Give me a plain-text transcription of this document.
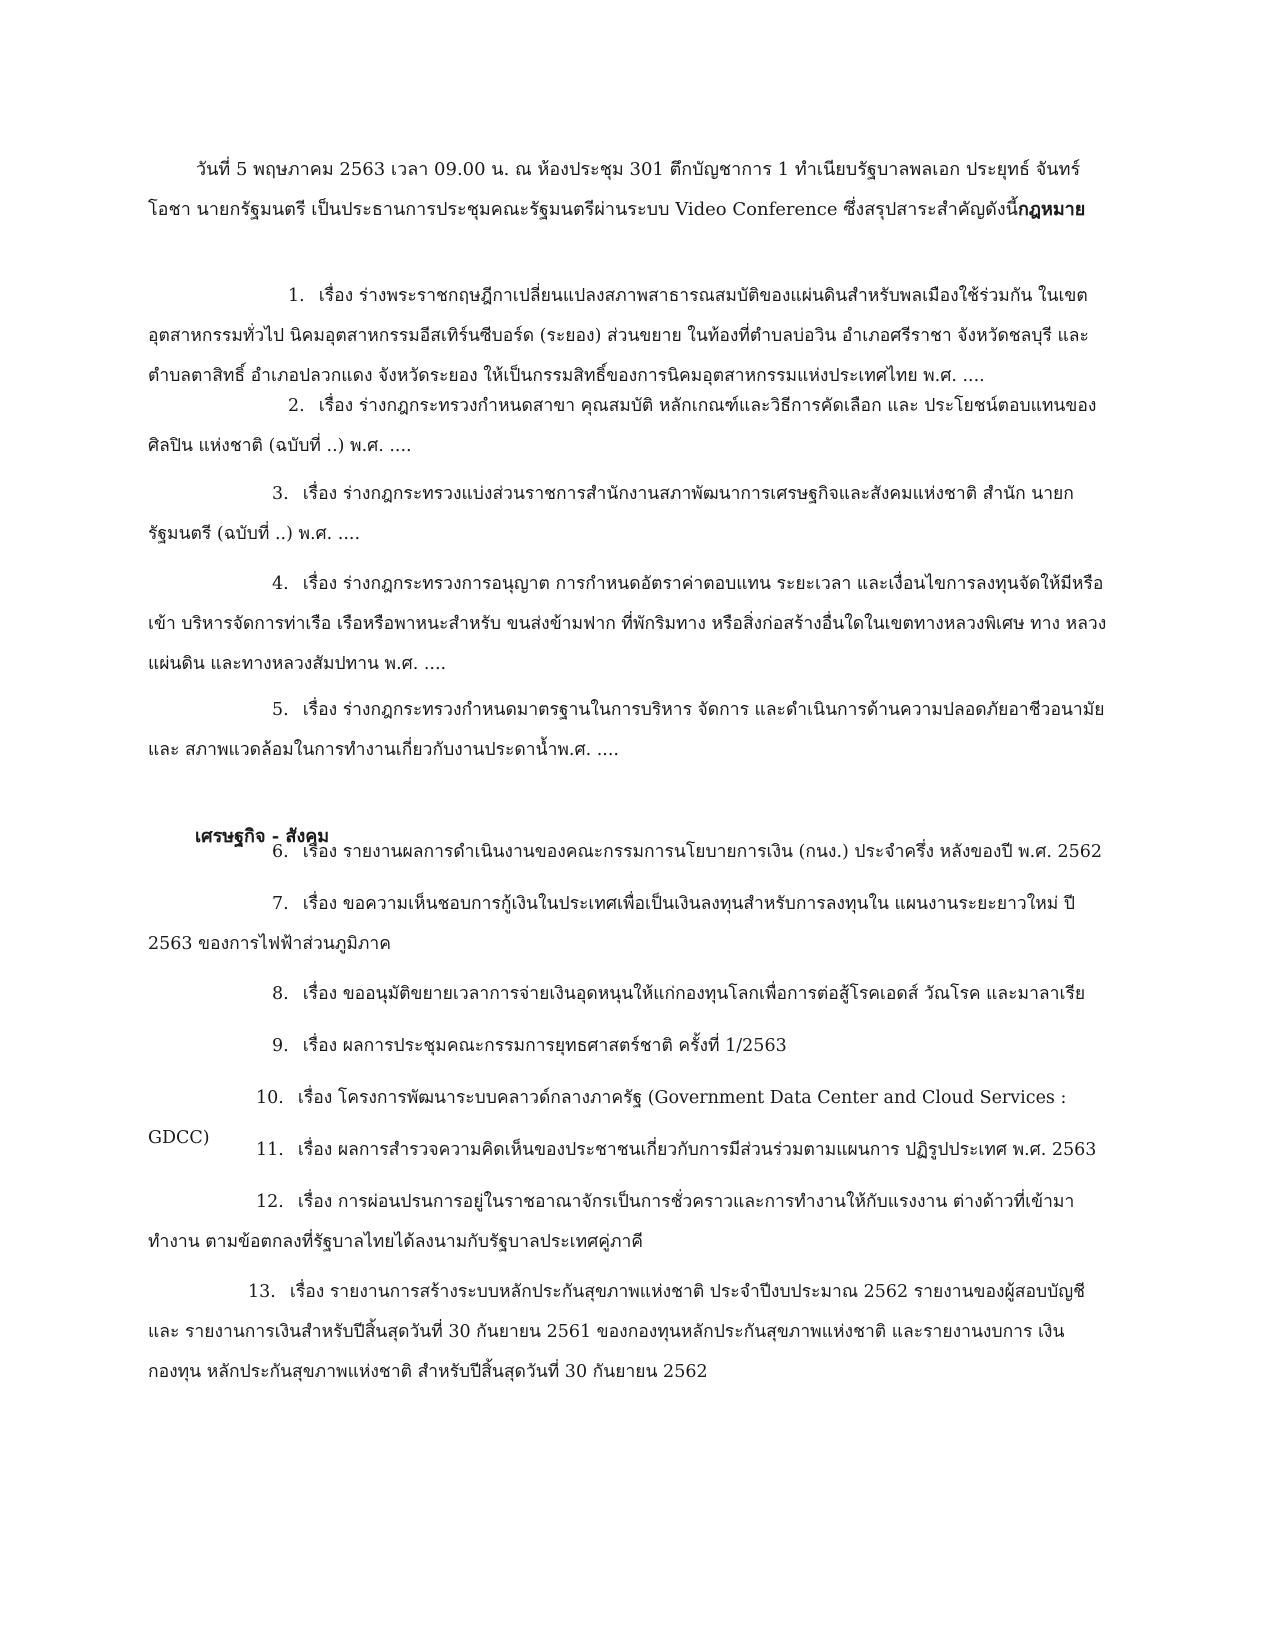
วันที่ 5 พฤษภาคม 2563 เวลา 09.00 น. ณ ห้องประชุม 301 ตึกบัญชาการ 1 ทำเนียบรัฐบาลพลเอก ประยุทธ์ จันทร์โอชา นายกรัฐมนตรี เป็นประธานการประชุมคณะรัฐมนตรีผ่านระบบ Video Conference ซึ่งสรุปสาระสำคัญดังนี้กฎหมาย

1. เรื่อง ร่างพระราชกฤษฎีกาเปลี่ยนแปลงสภาพสาธารณสมบัติของแผ่นดินสำหรับพลเมืองใช้ร่วมกัน ในเขต อุตสาหกรรมทั่วไป นิคมอุตสาหกรรมอีสเทิร์นซีบอร์ด (ระยอง) ส่วนขยาย ในท้องที่ตำบลบ่อวิน อำเภอศรีราชา จังหวัดชลบุรี และ ตำบลตาสิทธิ์ อำเภอปลวกแดง จังหวัดระยอง ให้เป็นกรรมสิทธิ์ของการนิคมอุตสาหกรรมแห่งประเทศไทย พ.ศ. ....

2. เรื่อง ร่างกฎกระทรวงกำหนดสาขา คุณสมบัติ หลักเกณฑ์และวิธีการคัดเลือก และ ประโยชน์ตอบแทนของศิลปิน แห่งชาติ (ฉบับที่ ..) พ.ศ. ....

3. เรื่อง ร่างกฎกระทรวงแบ่งส่วนราชการสำนักงานสภาพัฒนาการเศรษฐกิจและสังคมแห่งชาติ สำนัก นายกรัฐมนตรี (ฉบับที่ ..) พ.ศ. ....

4. เรื่อง ร่างกฎกระทรวงการอนุญาต การกำหนดอัตราค่าตอบแทน ระยะเวลา และเงื่อนไขการลงทุนจัดให้มีหรือเข้า บริหารจัดการท่าเรือ เรือหรือพาหนะสำหรับ ขนส่งข้ามฟาก ที่พักริมทาง หรือสิ่งก่อสร้างอื่นใดในเขตทางหลวงพิเศษ ทาง หลวง แผ่นดิน และทางหลวงสัมปทาน พ.ศ. ....

5. เรื่อง ร่างกฎกระทรวงกำหนดมาตรฐานในการบริหาร จัดการ และดำเนินการด้านความปลอดภัยอาชีวอนามัย และ สภาพแวดล้อมในการทำงานเกี่ยวกับงานประดาน้ำพ.ศ. ....

เศรษฐกิจ - สังคม

6. เรื่อง รายงานผลการดำเนินงานของคณะกรรมการนโยบายการเงิน (กนง.) ประจำครึ่ง หลังของปี พ.ศ. 2562

7. เรื่อง ขอความเห็นชอบการกู้เงินในประเทศเพื่อเป็นเงินลงทุนสำหรับการลงทุนใน แผนงานระยะยาวใหม่ ปี 2563 ของการไฟฟ้าส่วนภูมิภาค

8. เรื่อง ขออนุมัติขยายเวลาการจ่ายเงินอุดหนุนให้แก่กองทุนโลกเพื่อการต่อสู้โรคเอดส์ วัณโรค และมาลาเรีย

9. เรื่อง ผลการประชุมคณะกรรมการยุทธศาสตร์ชาติ ครั้งที่ 1/2563

10. เรื่อง โครงการพัฒนาระบบคลาวด์กลางภาครัฐ (Government Data Center and Cloud Services : GDCC)

11. เรื่อง ผลการสำรวจความคิดเห็นของประชาชนเกี่ยวกับการมีส่วนร่วมตามแผนการ ปฏิรูปประเทศ พ.ศ. 2563

12. เรื่อง การผ่อนปรนการอยู่ในราชอาณาจักรเป็นการชั่วคราวและการทำงานให้กับแรงงาน ต่างด้าวที่เข้ามาทำงาน ตามข้อตกลงที่รัฐบาลไทยได้ลงนามกับรัฐบาลประเทศคู่ภาคี

13. เรื่อง รายงานการสร้างระบบหลักประกันสุขภาพแห่งชาติ ประจำปีงบประมาณ 2562 รายงานของผู้สอบบัญชีและ รายงานการเงินสำหรับปีสิ้นสุดวันที่ 30 กันยายน 2561 ของกองทุนหลักประกันสุขภาพแห่งชาติ และรายงานงบการ เงินกองทุน หลักประกันสุขภาพแห่งชาติ สำหรับปีสิ้นสุดวันที่ 30 กันยายน 2562
